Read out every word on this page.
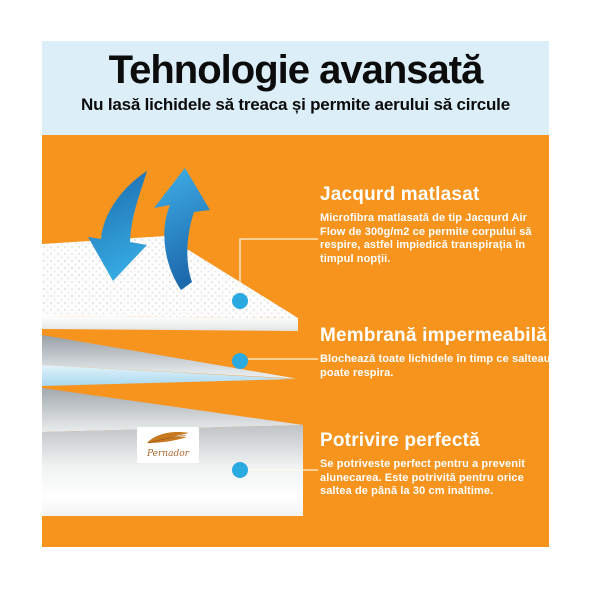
Tehnologie avansată

Nu lasă lichidele să treaca și permite aerului să circule

Pernador
Jacqurd matlasat

Microfibra matlasată de tip Jacqurd Air Flow de 300g/m2 ce permite corpului să respire, astfel impiedică transpirația în timpul nopții.

Membrană impermeabilă

Blochează toate lichidele în timp ce salteaua poate respira.

Potrivire perfectă

Se potriveste perfect pentru a prevenit alunecarea. Este potrivită pentru orice saltea de până la 30 cm inaltime.
